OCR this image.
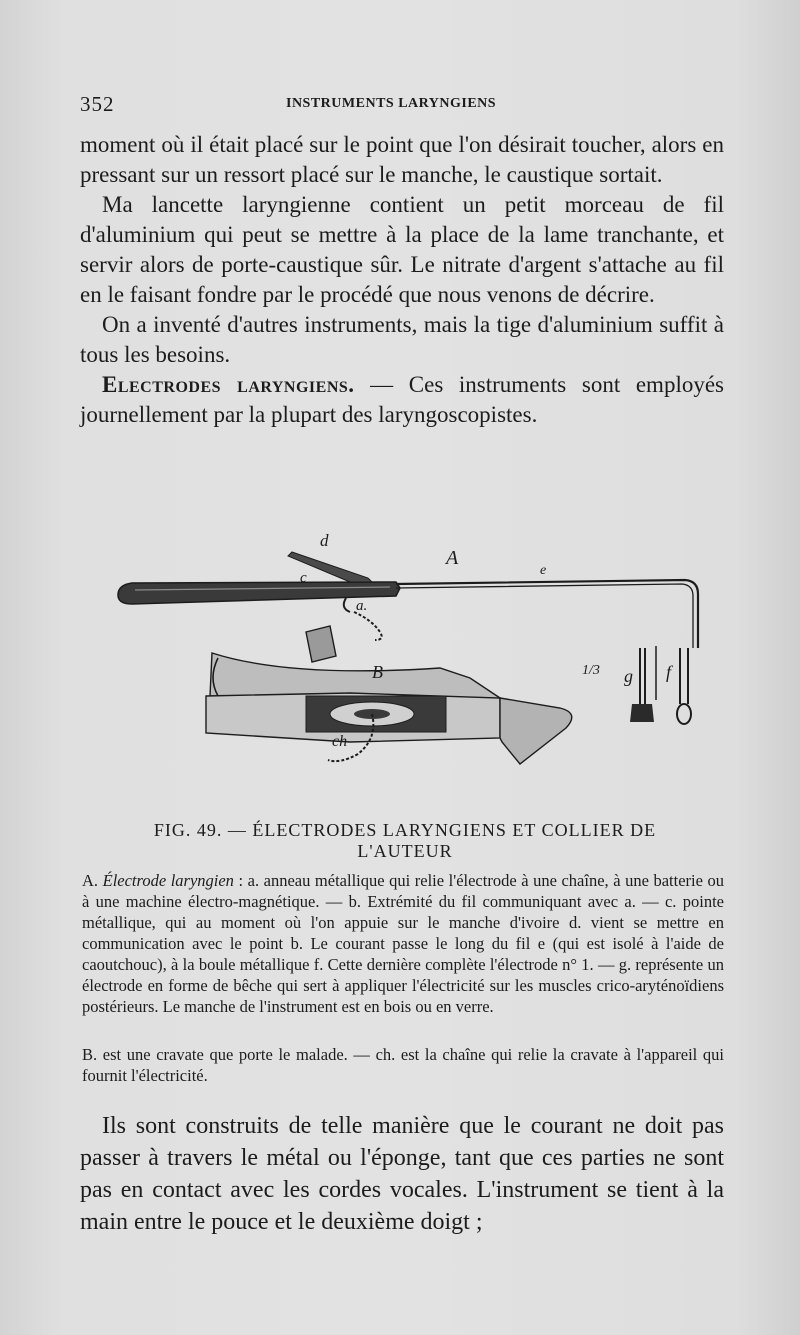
352	INSTRUMENTS LARYNGIENS

moment où il était placé sur le point que l'on désirait toucher, alors en pressant sur un ressort placé sur le manche, le caustique sortait.

Ma lancette laryngienne contient un petit morceau de fil d'aluminium qui peut se mettre à la place de la lame tranchante, et servir alors de porte-caustique sûr. Le nitrate d'argent s'attache au fil en le faisant fondre par le procédé que nous venons de décrire.

On a inventé d'autres instruments, mais la tige d'aluminium suffit à tous les besoins.

Electrodes laryngiens. — Ces instruments sont employés journellement par la plupart des laryngoscopistes.

d
c
A
e
a.
B	1/3 g f
ch
FIG. 49. — ÉLECTRODES LARYNGIENS ET COLLIER DE L'AUTEUR

A. Électrode laryngien : a. anneau métallique qui relie l'électrode à une chaîne, à une batterie ou à une machine électro-magnétique. — b. Extrémité du fil communiquant avec a. — c. pointe métallique, qui au moment où l'on appuie sur le manche d'ivoire d. vient se mettre en communication avec le point b. Le courant passe le long du fil e (qui est isolé à l'aide de caoutchouc), à la boule métallique f. Cette dernière complète l'électrode n° 1. — g. représente un électrode en forme de bêche qui sert à appliquer l'électricité sur les muscles crico-aryténoïdiens postérieurs. Le manche de l'instrument est en bois ou en verre.

B. est une cravate que porte le malade. — ch. est la chaîne qui relie la cravate à l'appareil qui fournit l'électricité.

Ils sont construits de telle manière que le courant ne doit pas passer à travers le métal ou l'éponge, tant que ces parties ne sont pas en contact avec les cordes vocales. L'instrument se tient à la main entre le pouce et le deuxième doigt ;
